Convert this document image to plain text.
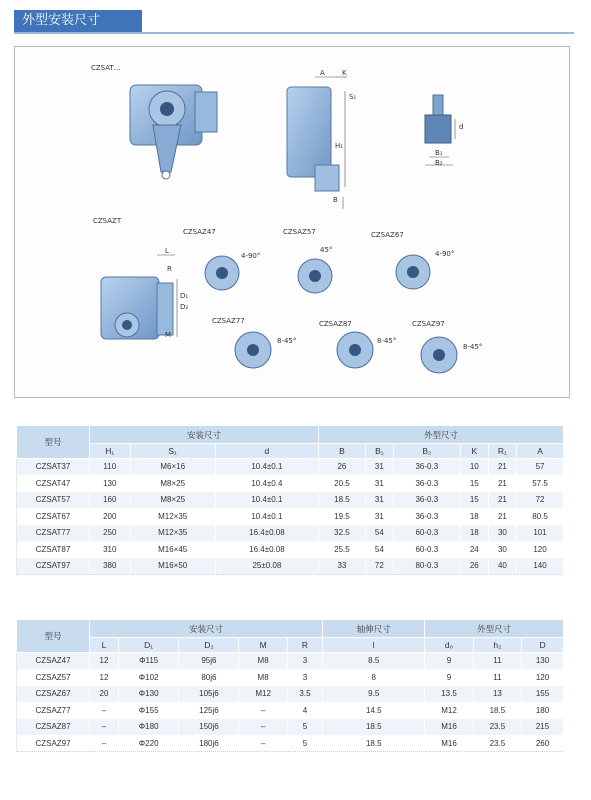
外型安装尺寸
CZSAT…
CZSAZT
CZSAZ47	CZSAZ57	CZSAZ67
CZSAZ77	CZSAZ87	CZSAZ97
A K
S₁
H₁
B
d
B₁
B₂
L
R
M
D₁
D₂
4-90°
45°	4-90°
8-45°	8-45°
8-45°
型号	安装尺寸			外型尺寸					
	H₁	S₁	d	B	B₁	B₂	K	R₁	A
CZSAT37	110	M6×16	10.4±0.1	26	31	36-0.3	10	21	57
CZSAT47	130	M8×25	10.4±0.4	20.5	31	36-0.3	15	21	57.5
CZSAT57	160	M8×25	10.4±0.1	18.5	31	36-0.3	15	21	72
CZSAT67	200	M12×35	10.4±0.1	19.5	31	36-0.3	18	21	80.5
CZSAT77	250	M12×35	16.4±0.08	32.5	54	60-0.3	18	30	101
CZSAT87	310	M16×45	16.4±0.08	25.5	54	60-0.3	24	30	120
CZSAT97	380	M16×50	25±0.08	33	72	80-0.3	26	40	140
型号	安装尺寸					轴伸尺寸	外型尺寸		
	L	D₁	D₂	M	R	l	d₀	h₂	D
CZSAZ47	12	Φ115	95j6	M8	3	8.5	9	11	130
CZSAZ57	12	Φ102	80j6	M8	3	8	9	11	120
CZSAZ67	20	Φ130	105j6	M12	3.5	9.5	13.5	13	155
CZSAZ77	–	Φ155	125j6	–	4	14.5	M12	18.5	180
CZSAZ87	–	Φ180	150j6	–	5	18.5	M16	23.5	215
CZSAZ97	–	Φ220	180j6	–	5	18.5	M16	23.5	260
